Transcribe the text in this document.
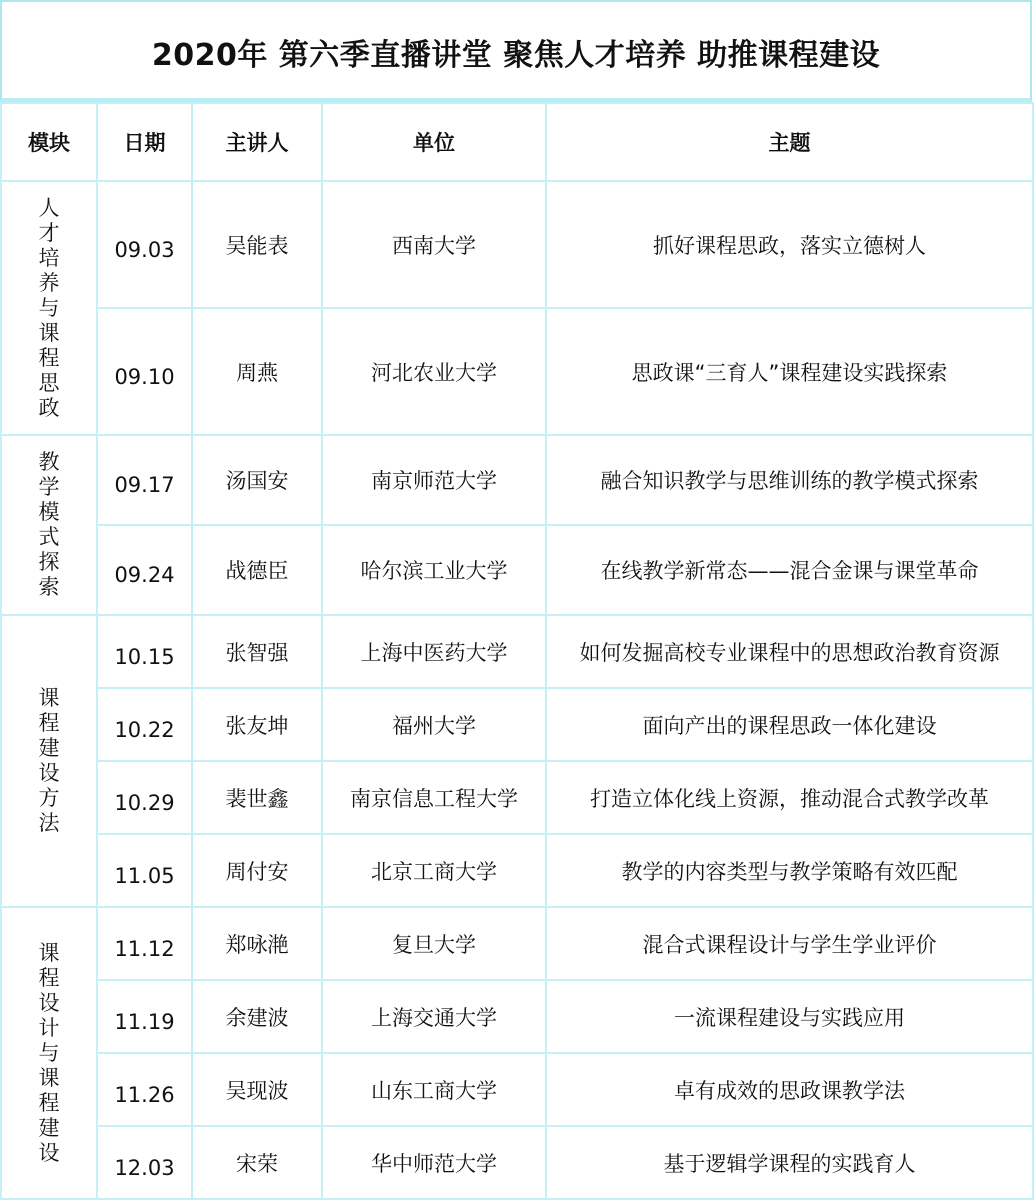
2020年 第六季直播讲堂 聚焦人才培养 助推课程建设
模块	日期	主讲人	单位	主题
人才培养与课程思政	09.03	吴能表	西南大学	抓好课程思政，落实立德树人
	09.10	周燕	河北农业大学	思政课“三育人”课程建设实践探索
教学模式探索	09.17	汤国安	南京师范大学	融合知识教学与思维训练的教学模式探索
	09.24	战德臣	哈尔滨工业大学	在线教学新常态——混合金课与课堂革命
课程建设方法	10.15	张智强	上海中医药大学	如何发掘高校专业课程中的思想政治教育资源
	10.22	张友坤	福州大学	面向产出的课程思政一体化建设
	10.29	裴世鑫	南京信息工程大学	打造立体化线上资源，推动混合式教学改革
	11.05	周付安	北京工商大学	教学的内容类型与教学策略有效匹配
课程设计与课程建设	11.12	郑咏滟	复旦大学	混合式课程设计与学生学业评价
	11.19	余建波	上海交通大学	一流课程建设与实践应用
	11.26	吴现波	山东工商大学	卓有成效的思政课教学法
	12.03	宋荣	华中师范大学	基于逻辑学课程的实践育人
